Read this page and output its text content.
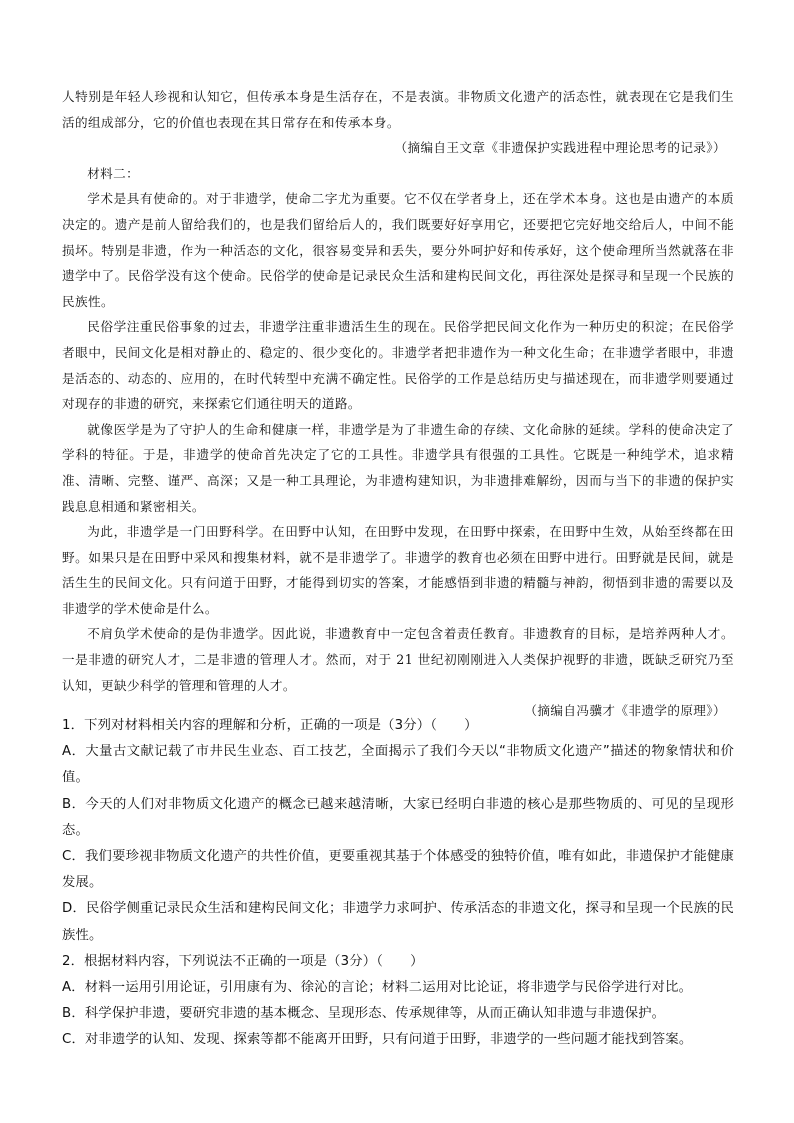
人特别是年轻人珍视和认知它，但传承本身是生活存在，不是表演。非物质文化遗产的活态性，就表现在它是我们生活的组成部分，它的价值也表现在其日常存在和传承本身。

（摘编自王文章《非遗保护实践进程中理论思考的记录》）

材料二：

学术是具有使命的。对于非遗学，使命二字尤为重要。它不仅在学者身上，还在学术本身。这也是由遗产的本质决定的。遗产是前人留给我们的，也是我们留给后人的，我们既要好好享用它，还要把它完好地交给后人，中间不能损坏。特别是非遗，作为一种活态的文化，很容易变异和丢失，要分外呵护好和传承好，这个使命理所当然就落在非遗学中了。民俗学没有这个使命。民俗学的使命是记录民众生活和建构民间文化，再往深处是探寻和呈现一个民族的民族性。

民俗学注重民俗事象的过去，非遗学注重非遗活生生的现在。民俗学把民间文化作为一种历史的积淀；在民俗学者眼中，民间文化是相对静止的、稳定的、很少变化的。非遗学者把非遗作为一种文化生命；在非遗学者眼中，非遗是活态的、动态的、应用的，在时代转型中充满不确定性。民俗学的工作是总结历史与描述现在，而非遗学则要通过对现存的非遗的研究，来探索它们通往明天的道路。

就像医学是为了守护人的生命和健康一样，非遗学是为了非遗生命的存续、文化命脉的延续。学科的使命决定了学科的特征。于是，非遗学的使命首先决定了它的工具性。非遗学具有很强的工具性。它既是一种纯学术，追求精准、清晰、完整、谨严、高深；又是一种工具理论，为非遗构建知识，为非遗排难解纷，因而与当下的非遗的保护实践息息相通和紧密相关。

为此，非遗学是一门田野科学。在田野中认知，在田野中发现，在田野中探索，在田野中生效，从始至终都在田野。如果只是在田野中采风和搜集材料，就不是非遗学了。非遗学的教育也必须在田野中进行。田野就是民间，就是活生生的民间文化。只有问道于田野，才能得到切实的答案，才能感悟到非遗的精髓与神韵，彻悟到非遗的需要以及非遗学的学术使命是什么。

不肩负学术使命的是伪非遗学。因此说，非遗教育中一定包含着责任教育。非遗教育的目标，是培养两种人才。一是非遗的研究人才，二是非遗的管理人才。然而，对于 21 世纪初刚刚进入人类保护视野的非遗，既缺乏研究乃至认知，更缺少科学的管理和管理的人才。

（摘编自冯骥才《非遗学的原理》）

1．下列对材料相关内容的理解和分析，正确的一项是（3分）（　　）

A．大量古文献记载了市井民生业态、百工技艺，全面揭示了我们今天以“非物质文化遗产”描述的物象情状和价值。

B．今天的人们对非物质文化遗产的概念已越来越清晰，大家已经明白非遗的核心是那些物质的、可见的呈现形态。

C．我们要珍视非物质文化遗产的共性价值，更要重视其基于个体感受的独特价值，唯有如此，非遗保护才能健康发展。

D．民俗学侧重记录民众生活和建构民间文化；非遗学力求呵护、传承活态的非遗文化，探寻和呈现一个民族的民族性。

2．根据材料内容，下列说法不正确的一项是（3分）（　　）

A．材料一运用引用论证，引用康有为、徐沁的言论；材料二运用对比论证，将非遗学与民俗学进行对比。

B．科学保护非遗，要研究非遗的基本概念、呈现形态、传承规律等，从而正确认知非遗与非遗保护。

C．对非遗学的认知、发现、探索等都不能离开田野，只有问道于田野，非遗学的一些问题才能找到答案。
